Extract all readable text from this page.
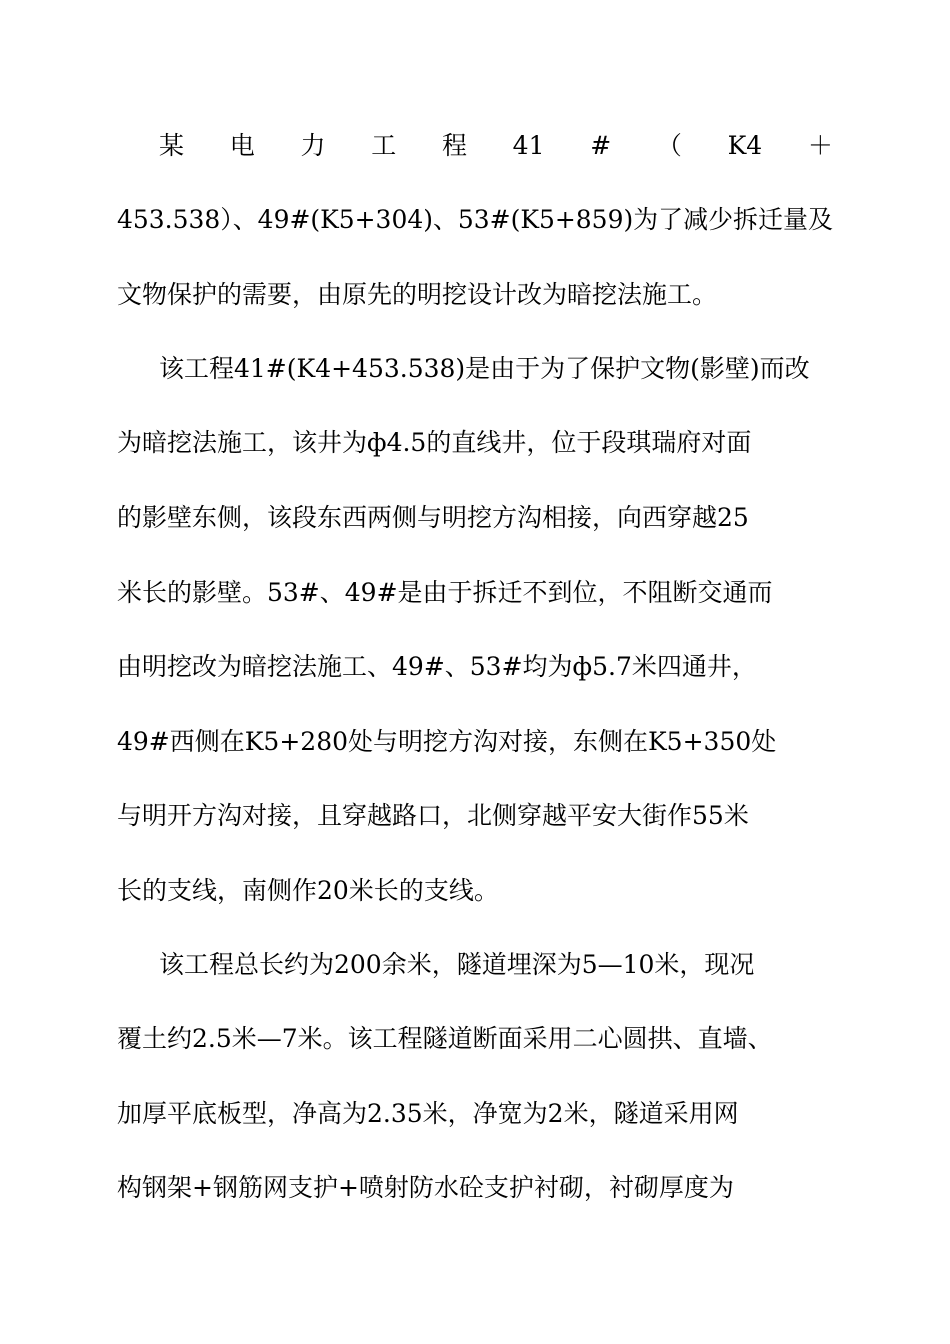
某 电 力 工 程 41 # （ K4 ＋
453.538）、49#(K5+304)、53#(K5+859)为了减少拆迁量及
文物保护的需要，由原先的明挖设计改为暗挖法施工。
该工程41#(K4+453.538)是由于为了保护文物(影壁)而改
为暗挖法施工，该井为ф4.5的直线井，位于段琪瑞府对面
的影壁东侧，该段东西两侧与明挖方沟相接，向西穿越25
米长的影壁。53#、49#是由于拆迁不到位，不阻断交通而
由明挖改为暗挖法施工、49#、53#均为ф5.7米四通井，
49#西侧在K5+280处与明挖方沟对接，东侧在K5+350处
与明开方沟对接，且穿越路口，北侧穿越平安大街作55米
长的支线，南侧作20米长的支线。
该工程总长约为200余米，隧道埋深为5—10米，现况
覆土约2.5米—7米。该工程隧道断面采用二心圆拱、直墙、
加厚平底板型，净高为2.35米，净宽为2米，隧道采用网
构钢架+钢筋网支护+喷射防水砼支护衬砌，衬砌厚度为
